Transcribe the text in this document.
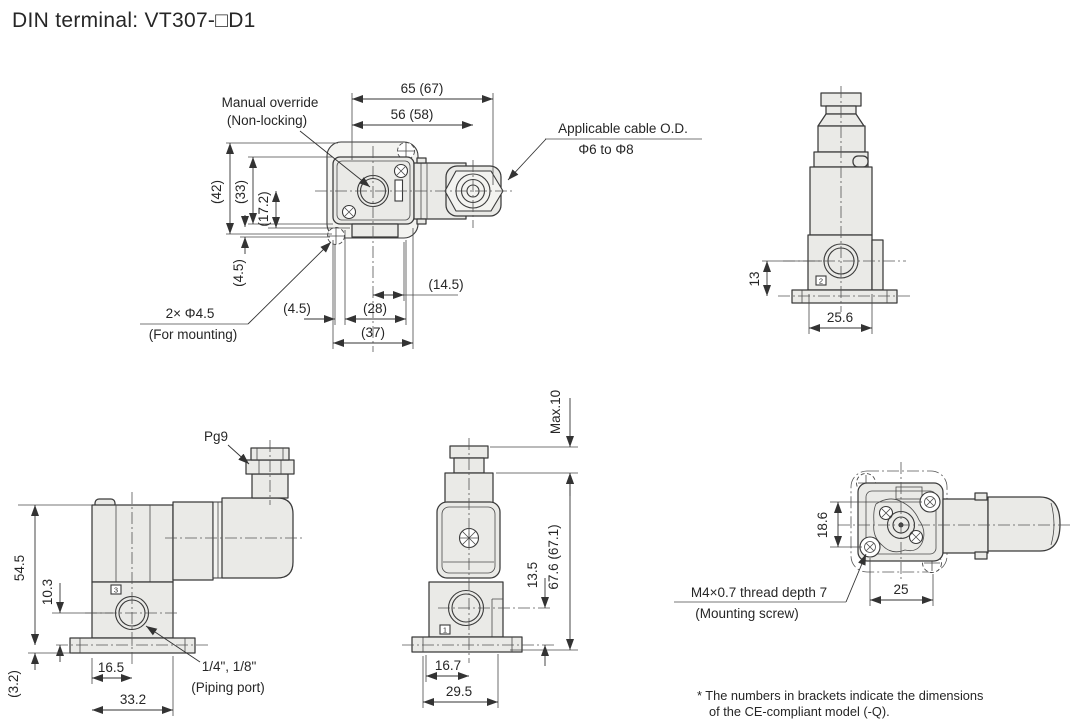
DIN terminal: VT307-□D1
65 (67)
56 (58)
(42) (33) (17.2)
(4.5)
(4.5)	(28)
(37)
(14.5)
Manual override
(Non-locking)
Applicable cable O.D.
Φ6 to Φ8
2× Φ4.5
(For mounting)
2
13
25.6
3
54.5
10.3
(3.2)
16.5
33.2
Pg9
1/4", 1/8"
(Piping port)
1
Max.10
67.6 (67.1)
13.5
16.7
29.5
18.6
25
M4×0.7 thread depth 7
(Mounting screw)
* The numbers in brackets indicate the dimensions
of the CE-compliant model (-Q).
